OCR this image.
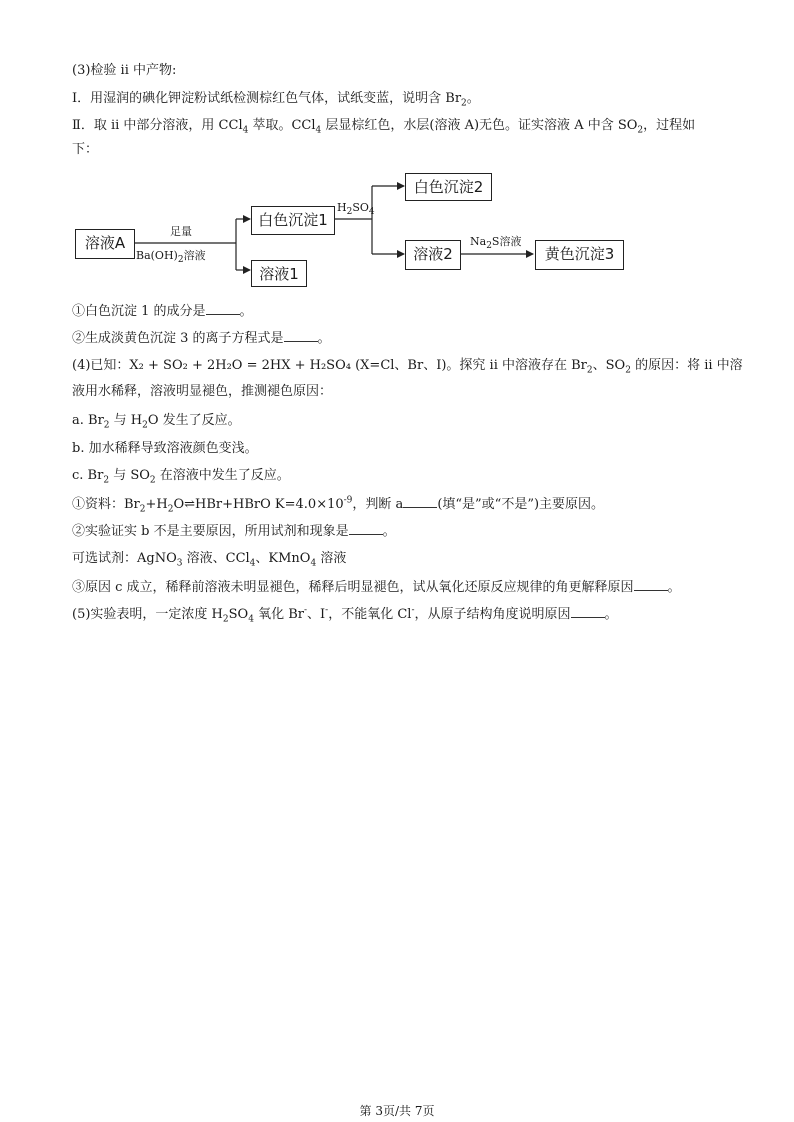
(3)检验 ii 中产物:
Ⅰ．用湿润的碘化钾淀粉试纸检测棕红色气体，试纸变蓝，说明含 $Br_2$。
Ⅱ．取 ii 中部分溶液，用 CCl$_4$ 萃取。CCl$_4$ 层显棕红色，水层(溶液 A)无色。证实溶液 A 中含 $SO_2$，过程如
下：
溶液A
足量
$Ba(OH)_2$溶液
白色沉淀1
溶液1
$H_2SO_4$
白色沉淀2
溶液2
$Na_2S$溶液
黄色沉淀3
①白色沉淀 1 的成分是	。
②生成淡黄色沉淀 3 的离子方程式是	。
(4)已知：X₂ + SO₂ + 2H₂O = 2HX + H₂SO₄ (X=Cl、Br、I)。探究 ii 中溶液存在 $Br_2$、$SO_2$ 的原因：将 ii 中溶
液用水稀释，溶液明显褪色，推测褪色原因：
a. $Br_2$ 与 $H_2O$ 发生了反应。
b. 加水稀释导致溶液颜色变浅。
c. $Br_2$ 与 $SO_2$ 在溶液中发生了反应。
①资料：$Br_2+H_2O\rightleftharpoons HBr+HBrO$ $K=4.0\times 10^{-9}$，判断 a	(填“是”或“不是”)主要原因。
②实验证实 b 不是主要原因，所用试剂和现象是	。
可选试剂：AgNO$_3$ 溶液、CCl$_4$、KMnO$_4$ 溶液
③原因 c 成立，稀释前溶液未明显褪色，稀释后明显褪色，试从氧化还原反应规律的角更解释原因	。
(5)实验表明，一定浓度 $H_2SO_4$ 氧化 Br-、I-，不能氧化 Cl-，从原子结构角度说明原因	。
第 3页/共 7页
